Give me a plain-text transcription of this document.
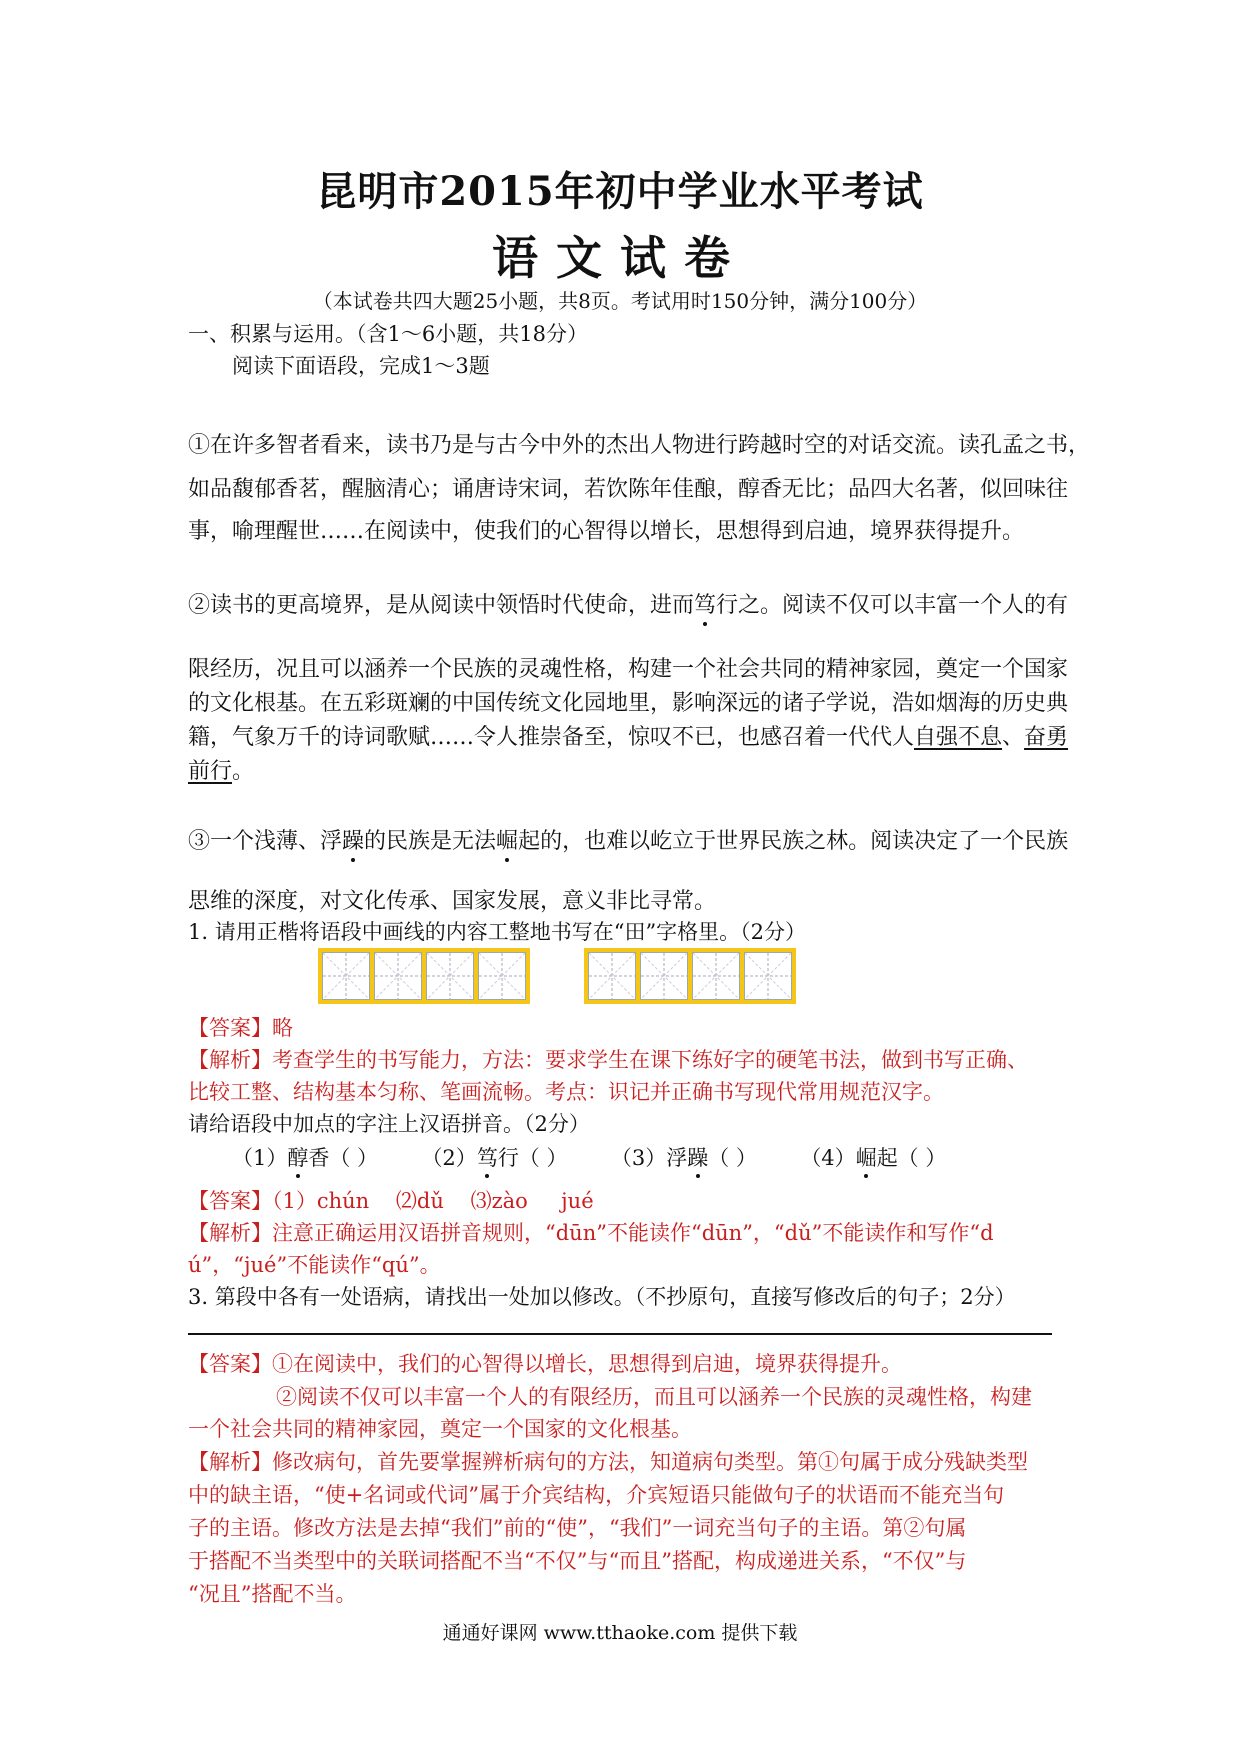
昆明市2015年初中学业水平考试
语文试卷
（本试卷共四大题25小题，共8页。考试用时150分钟，满分100分）
一、积累与运用。（含1～6小题，共18分）
阅读下面语段，完成1～3题
①在许多智者看来，读书乃是与古今中外的杰出人物进行跨越时空的对话交流。读孔孟之书，
如品馥郁香茗，醒脑清心；诵唐诗宋词，若饮陈年佳酿，醇香无比；品四大名著，似回味往
事，喻理醒世……在阅读中，使我们的心智得以增长，思想得到启迪，境界获得提升。
②读书的更高境界，是从阅读中领悟时代使命，进而笃行之。阅读不仅可以丰富一个人的有
限经历，况且可以涵养一个民族的灵魂性格，构建一个社会共同的精神家园，奠定一个国家
的文化根基。在五彩斑斓的中国传统文化园地里，影响深远的诸子学说，浩如烟海的历史典
籍，气象万千的诗词歌赋……令人推崇备至，惊叹不已，也感召着一代代人自强不息、奋勇
前行。
③一个浅薄、浮躁的民族是无法崛起的，也难以屹立于世界民族之林。阅读决定了一个民族
思维的深度，对文化传承、国家发展，意义非比寻常。
1. 请用正楷将语段中画线的内容工整地书写在“田”字格里。（2分）
【答案】略
【解析】考查学生的书写能力，方法：要求学生在课下练好字的硬笔书法，做到书写正确、
比较工整、结构基本匀称、笔画流畅。考点：识记并正确书写现代常用规范汉字。
请给语段中加点的字注上汉语拼音。（2分）
（1）醇香（ ） （2）笃行（ ） （3）浮躁（ ） （4）崛起（ ）
【答案】（1）chún    ⑵dǔ    ⑶zào     jué
【解析】注意正确运用汉语拼音规则，“dūn”不能读作“dūn”，“dǔ”不能读作和写作“d
ú”，“jué”不能读作“qú”。
3. 第段中各有一处语病，请找出一处加以修改。（不抄原句，直接写修改后的句子；2分）
【答案】①在阅读中，我们的心智得以增长，思想得到启迪，境界获得提升。
②阅读不仅可以丰富一个人的有限经历，而且可以涵养一个民族的灵魂性格，构建
一个社会共同的精神家园，奠定一个国家的文化根基。
【解析】修改病句，首先要掌握辨析病句的方法，知道病句类型。第①句属于成分残缺类型
中的缺主语，“使+名词或代词”属于介宾结构，介宾短语只能做句子的状语而不能充当句
子的主语。修改方法是去掉“我们”前的“使”，“我们”一词充当句子的主语。第②句属
于搭配不当类型中的关联词搭配不当“不仅”与“而且”搭配，构成递进关系，“不仅”与
“况且”搭配不当。
通通好课网 www.tthaoke.com 提供下载
